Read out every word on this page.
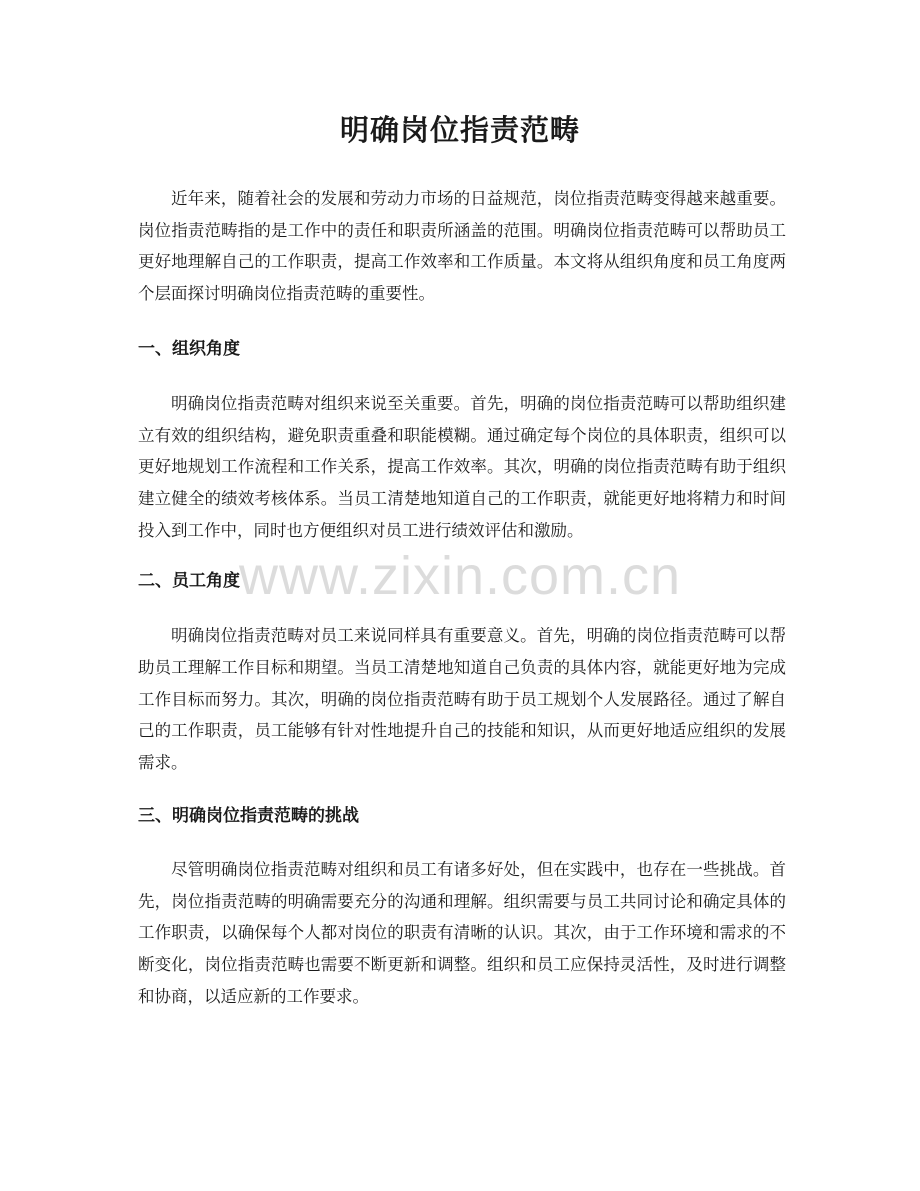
明确岗位指责范畴

近年来，随着社会的发展和劳动力市场的日益规范，岗位指责范畴变得越来越重要。岗位指责范畴指的是工作中的责任和职责所涵盖的范围。明确岗位指责范畴可以帮助员工更好地理解自己的工作职责，提高工作效率和工作质量。本文将从组织角度和员工角度两个层面探讨明确岗位指责范畴的重要性。

一、组织角度

明确岗位指责范畴对组织来说至关重要。首先，明确的岗位指责范畴可以帮助组织建立有效的组织结构，避免职责重叠和职能模糊。通过确定每个岗位的具体职责，组织可以更好地规划工作流程和工作关系，提高工作效率。其次，明确的岗位指责范畴有助于组织建立健全的绩效考核体系。当员工清楚地知道自己的工作职责，就能更好地将精力和时间投入到工作中，同时也方便组织对员工进行绩效评估和激励。

二、员工角度

明确岗位指责范畴对员工来说同样具有重要意义。首先，明确的岗位指责范畴可以帮助员工理解工作目标和期望。当员工清楚地知道自己负责的具体内容，就能更好地为完成工作目标而努力。其次，明确的岗位指责范畴有助于员工规划个人发展路径。通过了解自己的工作职责，员工能够有针对性地提升自己的技能和知识，从而更好地适应组织的发展需求。

三、明确岗位指责范畴的挑战

尽管明确岗位指责范畴对组织和员工有诸多好处，但在实践中，也存在一些挑战。首先，岗位指责范畴的明确需要充分的沟通和理解。组织需要与员工共同讨论和确定具体的工作职责，以确保每个人都对岗位的职责有清晰的认识。其次，由于工作环境和需求的不断变化，岗位指责范畴也需要不断更新和调整。组织和员工应保持灵活性，及时进行调整和协商，以适应新的工作要求。

www.zixin.com.cn
